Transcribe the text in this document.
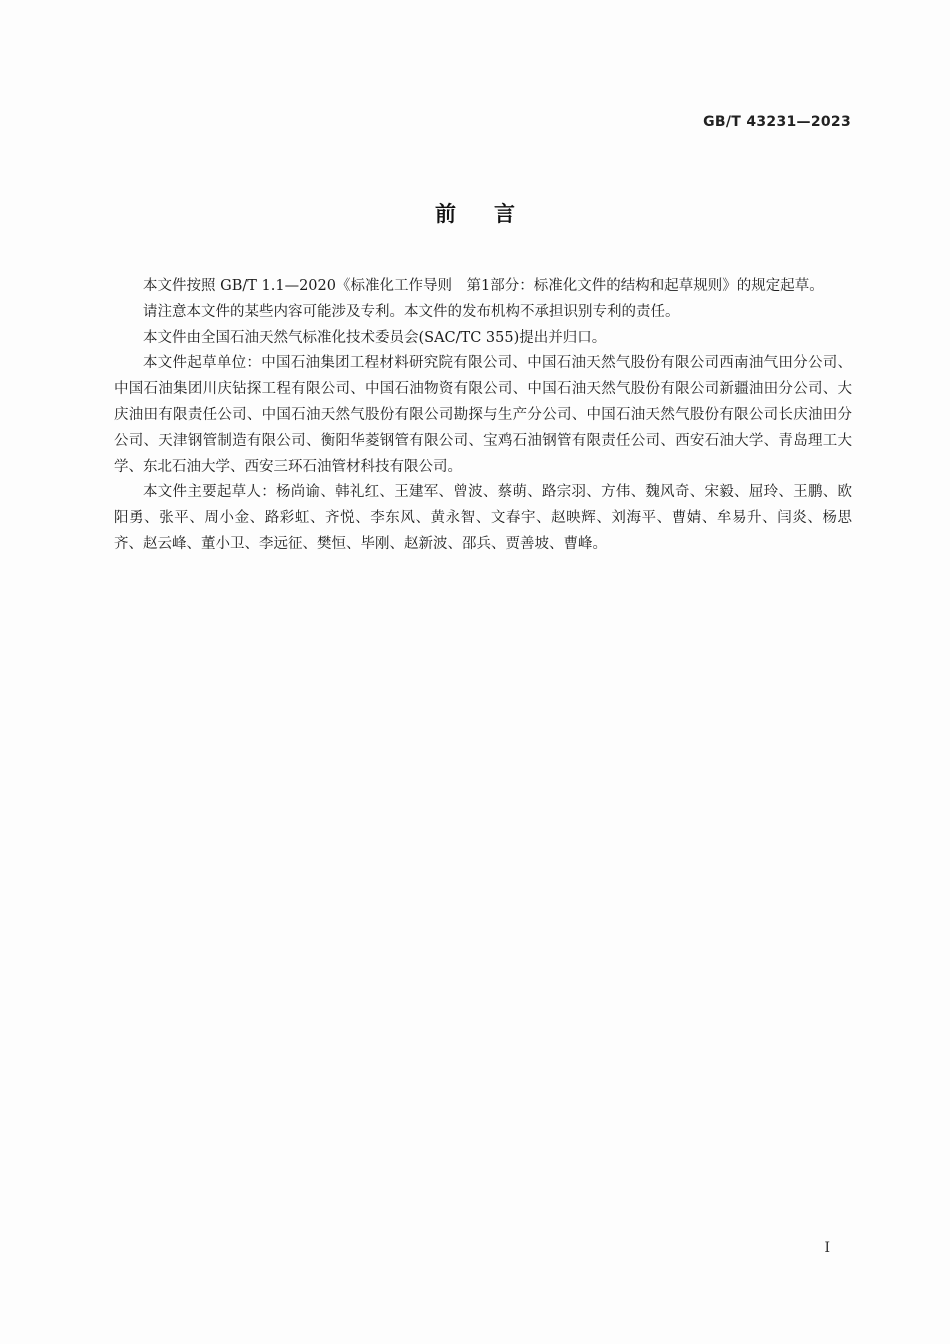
GB/T 43231—2023
前言

本文件按照 GB/T 1.1—2020《标准化工作导则　第1部分：标准化文件的结构和起草规则》的规定起草。

请注意本文件的某些内容可能涉及专利。本文件的发布机构不承担识别专利的责任。

本文件由全国石油天然气标准化技术委员会(SAC/TC 355)提出并归口。

本文件起草单位：中国石油集团工程材料研究院有限公司、中国石油天然气股份有限公司西南油气田分公司、中国石油集团川庆钻探工程有限公司、中国石油物资有限公司、中国石油天然气股份有限公司新疆油田分公司、大庆油田有限责任公司、中国石油天然气股份有限公司勘探与生产分公司、中国石油天然气股份有限公司长庆油田分公司、天津钢管制造有限公司、衡阳华菱钢管有限公司、宝鸡石油钢管有限责任公司、西安石油大学、青岛理工大学、东北石油大学、西安三环石油管材科技有限公司。

本文件主要起草人：杨尚谕、韩礼红、王建军、曾波、蔡萌、路宗羽、方伟、魏风奇、宋毅、屈玲、王鹏、欧阳勇、张平、周小金、路彩虹、齐悦、李东风、黄永智、文春宇、赵映辉、刘海平、曹婧、牟易升、闫炎、杨思齐、赵云峰、董小卫、李远征、樊恒、毕刚、赵新波、邵兵、贾善坡、曹峰。

I
